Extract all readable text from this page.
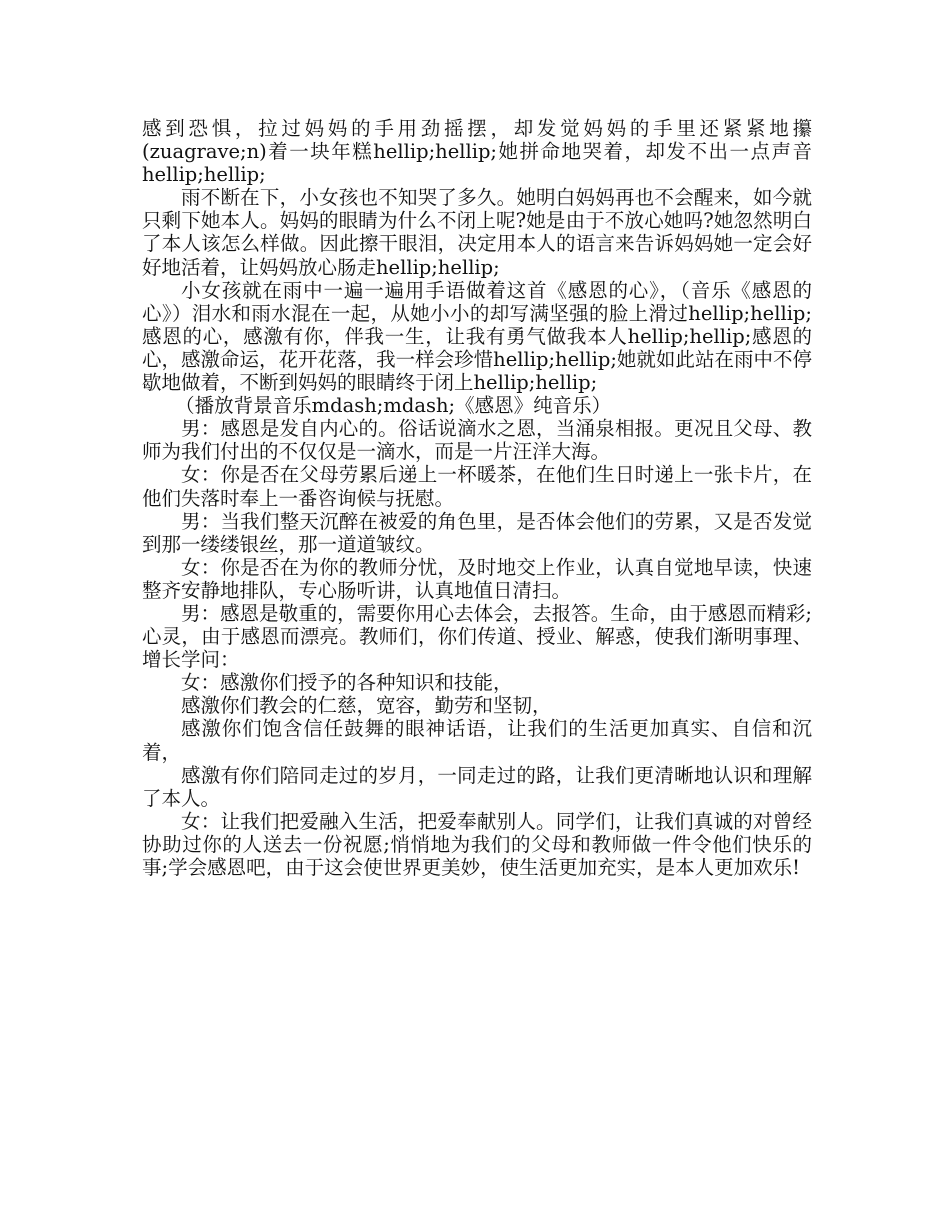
感到恐惧，拉过妈妈的手用劲摇摆，却发觉妈妈的手里还紧紧地攥(zuagrave;n)着一块年糕hellip;hellip;她拼命地哭着，却发不出一点声音hellip;hellip;

雨不断在下，小女孩也不知哭了多久。她明白妈妈再也不会醒来，如今就只剩下她本人。妈妈的眼睛为什么不闭上呢?她是由于不放心她吗?她忽然明白了本人该怎么样做。因此擦干眼泪，决定用本人的语言来告诉妈妈她一定会好好地活着，让妈妈放心肠走hellip;hellip;

小女孩就在雨中一遍一遍用手语做着这首《感恩的心》，（音乐《感恩的心》）泪水和雨水混在一起，从她小小的却写满坚强的脸上滑过hellip;hellip; 感恩的心，感激有你，伴我一生，让我有勇气做我本人hellip;hellip;感恩的心，感激命运，花开花落，我一样会珍惜hellip;hellip;她就如此站在雨中不停歇地做着，不断到妈妈的眼睛终于闭上hellip;hellip;

（播放背景音乐mdash;mdash;《感恩》纯音乐）

男：感恩是发自内心的。俗话说滴水之恩，当涌泉相报。更况且父母、教师为我们付出的不仅仅是一滴水，而是一片汪洋大海。

女：你是否在父母劳累后递上一杯暖茶，在他们生日时递上一张卡片，在他们失落时奉上一番咨询候与抚慰。

男：当我们整天沉醉在被爱的角色里，是否体会他们的劳累，又是否发觉到那一缕缕银丝，那一道道皱纹。

女：你是否在为你的教师分忧，及时地交上作业，认真自觉地早读，快速整齐安静地排队，专心肠听讲，认真地值日清扫。

男：感恩是敬重的，需要你用心去体会，去报答。生命，由于感恩而精彩;心灵，由于感恩而漂亮。教师们，你们传道、授业、解惑，使我们渐明事理、增长学问：

女：感激你们授予的各种知识和技能，

感激你们教会的仁慈，宽容，勤劳和坚韧，

感激你们饱含信任鼓舞的眼神话语，让我们的生活更加真实、自信和沉着，

感激有你们陪同走过的岁月，一同走过的路，让我们更清晰地认识和理解了本人。

女：让我们把爱融入生活，把爱奉献别人。同学们，让我们真诚的对曾经协助过你的人送去一份祝愿;悄悄地为我们的父母和教师做一件令他们快乐的事;学会感恩吧，由于这会使世界更美妙，使生活更加充实，是本人更加欢乐!
